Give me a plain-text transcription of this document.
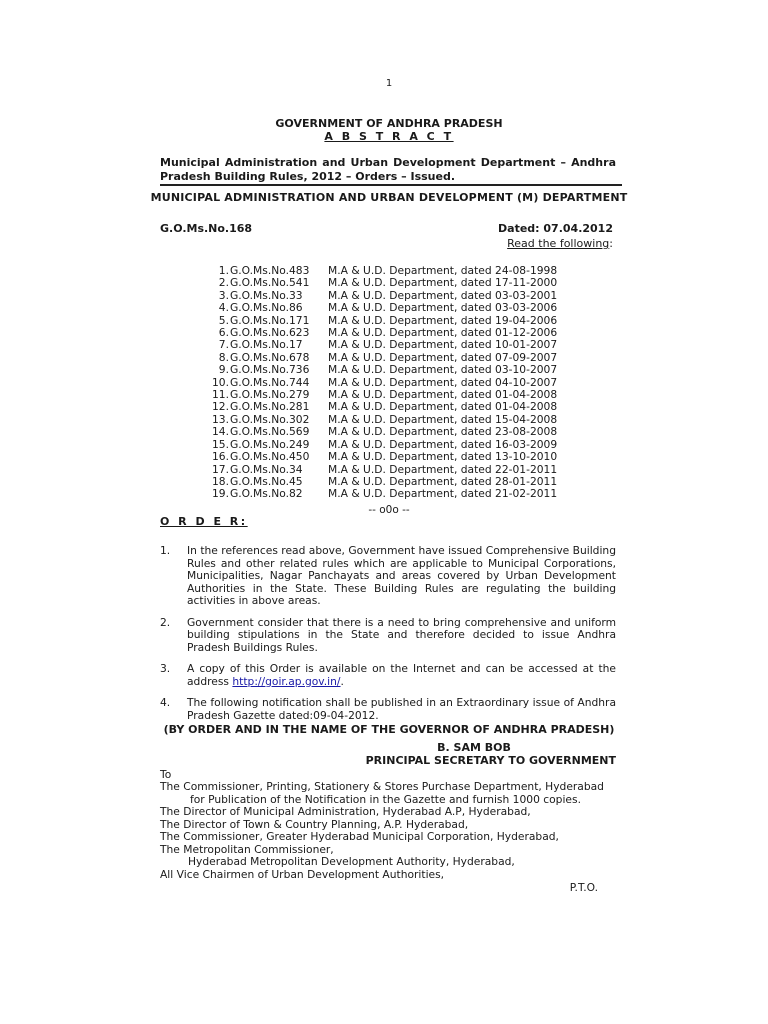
1
GOVERNMENT OF ANDHRA PRADESH
A B S T R A C T
Municipal Administration and Urban Development Department – Andhra
Pradesh Building Rules, 2012 – Orders – Issued.
MUNICIPAL ADMINISTRATION AND URBAN DEVELOPMENT (M) DEPARTMENT
G.O.Ms.No.168	Dated: 07.04.2012
Read the following:
1. G.O.Ms.No.483	M.A & U.D. Department, dated 24-08-1998
2. G.O.Ms.No.541	M.A & U.D. Department, dated 17-11-2000
3. G.O.Ms.No.33	M.A & U.D. Department, dated 03-03-2001
4. G.O.Ms.No.86	M.A & U.D. Department, dated 03-03-2006
5. G.O.Ms.No.171	M.A & U.D. Department, dated 19-04-2006
6. G.O.Ms.No.623	M.A & U.D. Department, dated 01-12-2006
7. G.O.Ms.No.17	M.A & U.D. Department, dated 10-01-2007
8. G.O.Ms.No.678	M.A & U.D. Department, dated 07-09-2007
9. G.O.Ms.No.736	M.A & U.D. Department, dated 03-10-2007
10. G.O.Ms.No.744	M.A & U.D. Department, dated 04-10-2007
11. G.O.Ms.No.279	M.A & U.D. Department, dated 01-04-2008
12. G.O.Ms.No.281	M.A & U.D. Department, dated 01-04-2008
13. G.O.Ms.No.302	M.A & U.D. Department, dated 15-04-2008
14. G.O.Ms.No.569	M.A & U.D. Department, dated 23-08-2008
15. G.O.Ms.No.249	M.A & U.D. Department, dated 16-03-2009
16. G.O.Ms.No.450	M.A & U.D. Department, dated 13-10-2010
17. G.O.Ms.No.34	M.A & U.D. Department, dated 22-01-2011
18. G.O.Ms.No.45	M.A & U.D. Department, dated 28-01-2011
19. G.O.Ms.No.82	M.A & U.D. Department, dated 21-02-2011
-- o0o --
O R D E R:
1.	In the references read above, Government have issued Comprehensive Building Rules and other related rules which are applicable to Municipal Corporations, Municipalities, Nagar Panchayats and areas covered by Urban Development Authorities in the State. These Building Rules are regulating the building activities in above areas.
2.	Government consider that there is a need to bring comprehensive and uniform building stipulations in the State and therefore decided to issue Andhra Pradesh Buildings Rules.
3.	A copy of this Order is available on the Internet and can be accessed at the address http://goir.ap.gov.in/.
4.	The following notification shall be published in an Extraordinary issue of Andhra Pradesh Gazette dated:09-04-2012.
(BY ORDER AND IN THE NAME OF THE GOVERNOR OF ANDHRA PRADESH)
B. SAM BOB
PRINCIPAL SECRETARY TO GOVERNMENT
To
The Commissioner, Printing, Stationery & Stores Purchase Department, Hyderabad
for Publication of the Notification in the Gazette and furnish 1000 copies.
The Director of Municipal Administration, Hyderabad A.P, Hyderabad,
The Director of Town & Country Planning, A.P. Hyderabad,
The Commissioner, Greater Hyderabad Municipal Corporation, Hyderabad,
The Metropolitan Commissioner,
Hyderabad Metropolitan Development Authority, Hyderabad,
All Vice Chairmen of Urban Development Authorities,
P.T.O.
